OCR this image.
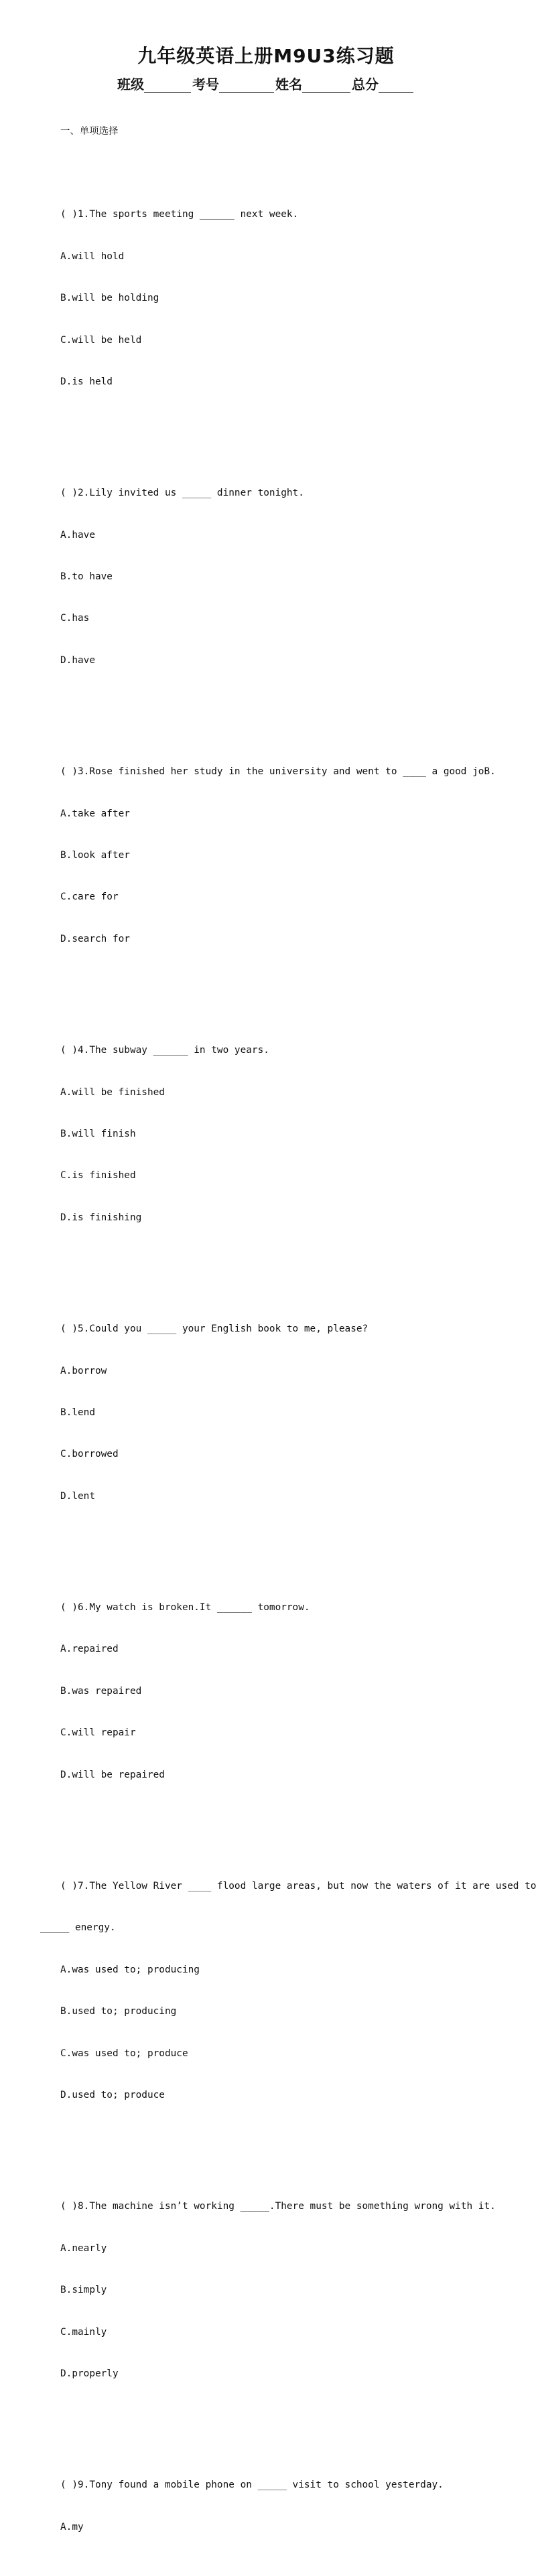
九年级英语上册M9U3练习题
班级	考号	姓名	总分

一、单项选择

( )1.The sports meeting ______ next week.

A.will hold

B.will be holding

C.will be held

D.is held

( )2.Lily invited us _____ dinner tonight.

A.have

B.to have

C.has

D.have

( )3.Rose finished her study in the university and went to ____ a good joB.

A.take after

B.look after

C.care for

D.search for

( )4.The subway ______ in two years.

A.will be finished

B.will finish

C.is finished

D.is finishing

( )5.Could you _____ your English book to me, please?

A.borrow

B.lend

C.borrowed

D.lent

( )6.My watch is broken.It ______ tomorrow.

A.repaired

B.was repaired

C.will repair

D.will be repaired

( )7.The Yellow River ____ flood large areas, but now the waters of it are used to

_____ energy.

A.was used to; producing

B.used to; producing

C.was used to; produce

D.used to; produce

( )8.The machine isn’t working _____.There must be something wrong with it.

A.nearly

B.simply

C.mainly

D.properly

( )9.Tony found a mobile phone on _____ visit to school yesterday.

A.my
